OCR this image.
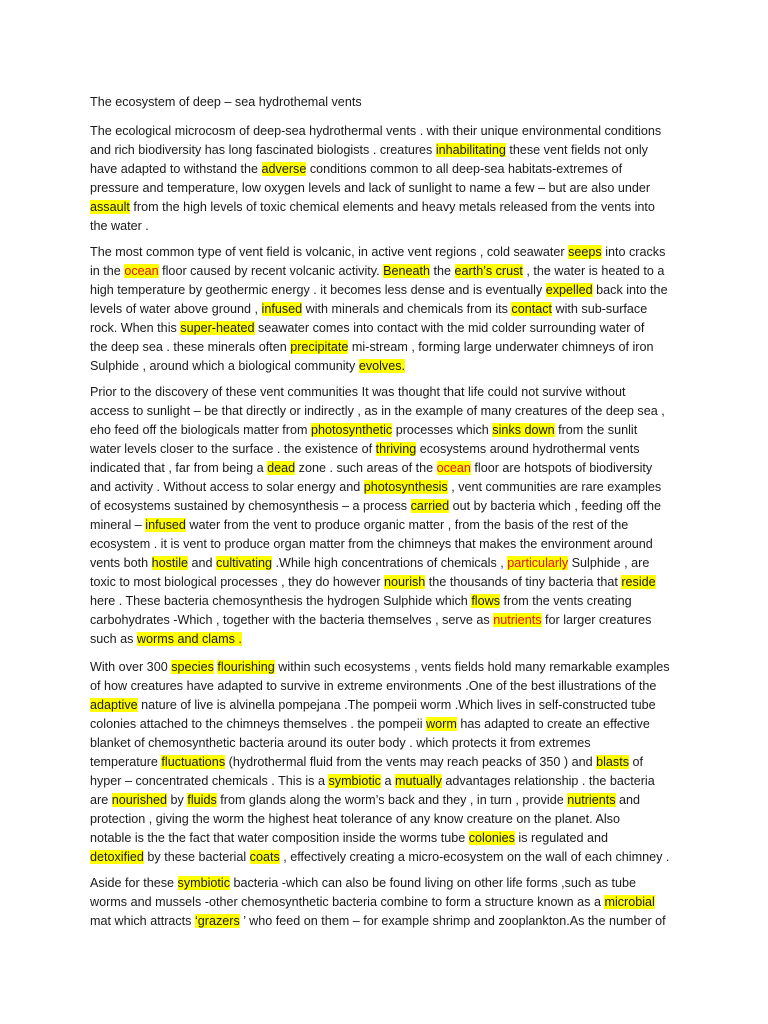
The ecosystem of deep – sea hydrothemal vents
The ecological microcosm of deep-sea hydrothermal vents . with their unique environmental conditions
and rich biodiversity has long fascinated biologists . creatures inhabilitating these vent fields not only
have adapted to withstand the adverse conditions common to all deep-sea habitats-extremes of
pressure and temperature, low oxygen levels and lack of sunlight to name a few – but are also under
assault from the high levels of toxic chemical elements and heavy metals released from the vents into
the water .
The most common type of vent field is volcanic, in active vent regions , cold seawater seeps into cracks
in the ocean floor caused by recent volcanic activity. Beneath the earth’s crust , the water is heated to a
high temperature by geothermic energy . it becomes less dense and is eventually expelled back into the
levels of water above ground , infused with minerals and chemicals from its contact with sub-surface
rock. When this super-heated seawater comes into contact with the mid colder surrounding water of
the deep sea . these minerals often precipitate mi-stream , forming large underwater chimneys of iron
Sulphide , around which a biological community evolves.
Prior to the discovery of these vent communities It was thought that life could not survive without
access to sunlight – be that directly or indirectly , as in the example of many creatures of the deep sea ,
eho feed off the biologicals matter from photosynthetic processes which sinks down from the sunlit
water levels closer to the surface . the existence of thriving ecosystems around hydrothermal vents
indicated that , far from being a dead zone . such areas of the ocean floor are hotspots of biodiversity
and activity . Without access to solar energy and photosynthesis , vent communities are rare examples
of ecosystems sustained by chemosynthesis – a process carried out by bacteria which , feeding off the
mineral – infused water from the vent to produce organic matter , from the basis of the rest of the
ecosystem . it is vent to produce organ matter from the chimneys that makes the environment around
vents both hostile and cultivating .While high concentrations of chemicals , particularly Sulphide , are
toxic to most biological processes , they do however nourish the thousands of tiny bacteria that reside
here . These bacteria chemosynthesis the hydrogen Sulphide which flows from the vents creating
carbohydrates -Which , together with the bacteria themselves , serve as nutrients for larger creatures
such as worms and clams .
With over 300 species flourishing within such ecosystems , vents fields hold many remarkable examples
of how creatures have adapted to survive in extreme environments .One of the best illustrations of the
adaptive nature of live is alvinella pompejana .The pompeii worm .Which lives in self-constructed tube
colonies attached to the chimneys themselves . the pompeii worm has adapted to create an effective
blanket of chemosynthetic bacteria around its outer body . which protects it from extremes
temperature fluctuations (hydrothermal fluid from the vents may reach peacks of 350 ) and blasts of
hyper – concentrated chemicals . This is a symbiotic a mutually advantages relationship . the bacteria
are nourished by fluids from glands along the worm’s back and they , in turn , provide nutrients and
protection , giving the worm the highest heat tolerance of any know creature on the planet. Also
notable is the the fact that water composition inside the worms tube colonies is regulated and
detoxified by these bacterial coats , effectively creating a micro-ecosystem on the wall of each chimney .
Aside for these symbiotic bacteria -which can also be found living on other life forms ,such as tube
worms and mussels -other chemosynthetic bacteria combine to form a structure known as a microbial
mat which attracts ‘grazers ’ who feed on them – for example shrimp and zooplankton.As the number of
